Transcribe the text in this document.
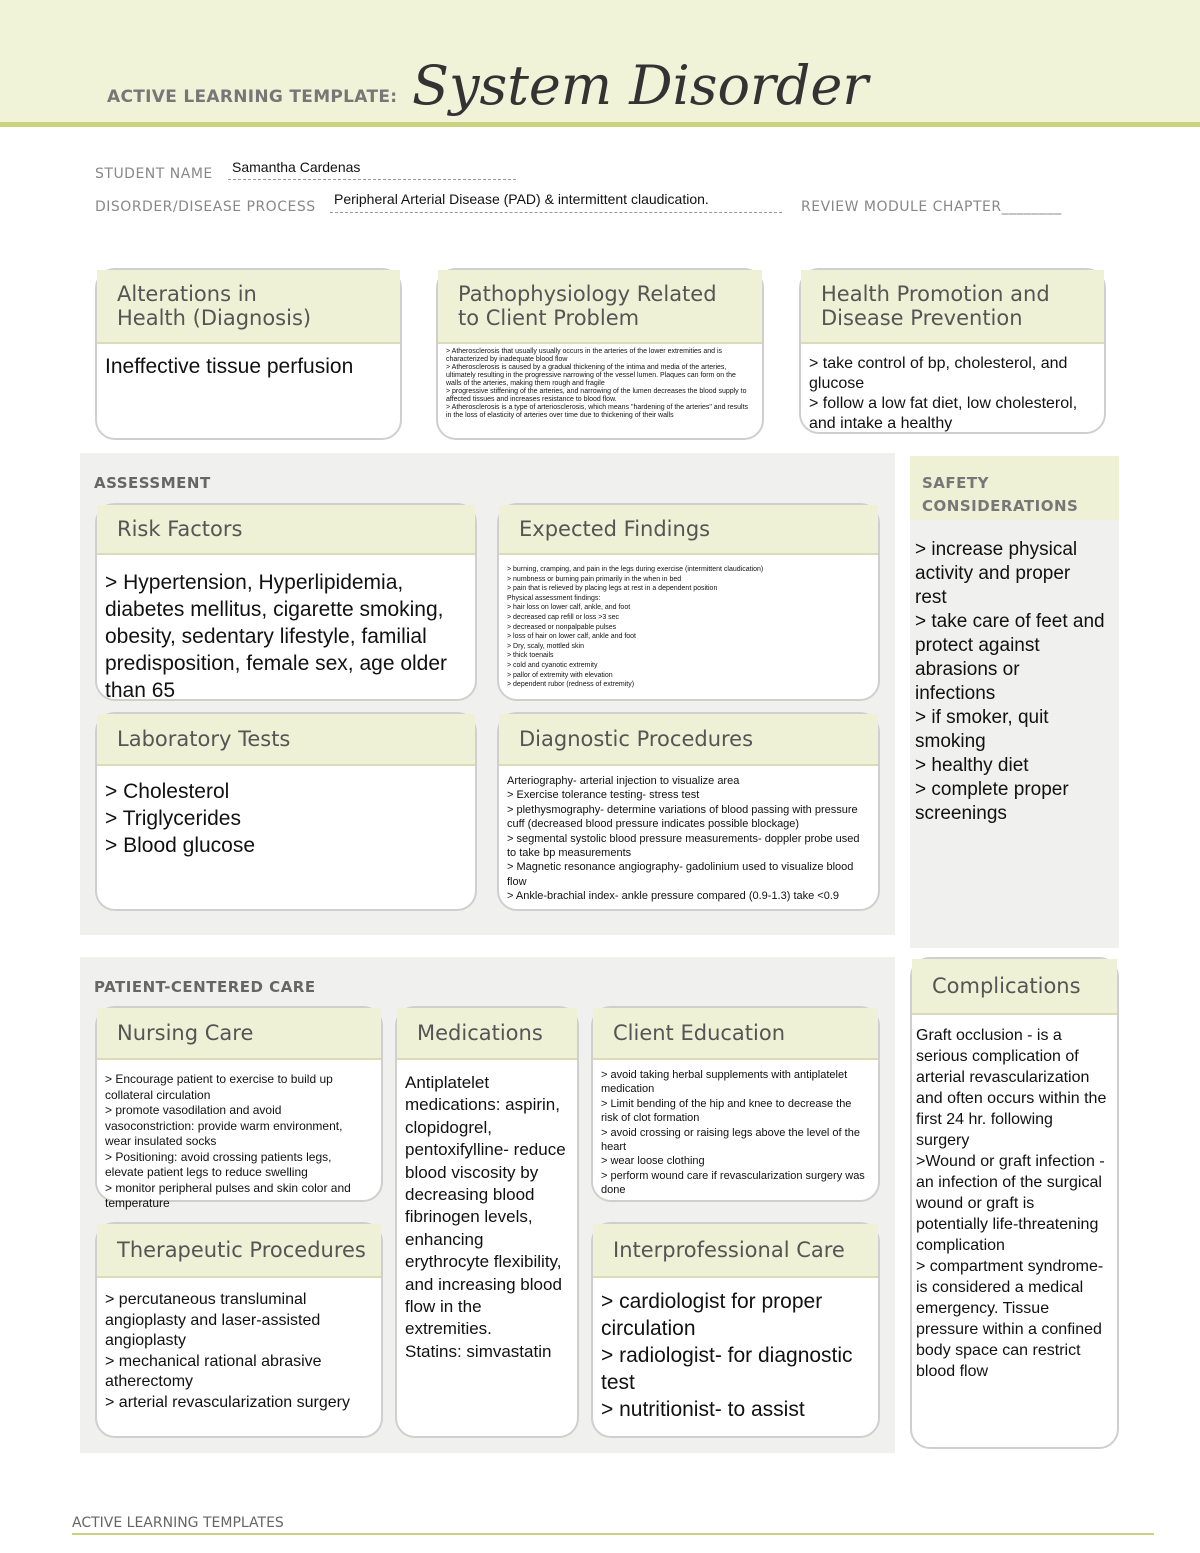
ACTIVE LEARNING TEMPLATE: System Disorder
STUDENT NAME Samantha Cardenas
DISORDER/DISEASE PROCESS Peripheral Arterial Disease (PAD) & intermittent claudication.	REVIEW MODULE CHAPTER________
Alterations in
Health (Diagnosis)

Ineffective tissue perfusion

Pathophysiology Related
to Client Problem

> Atherosclerosis that usually usually occurs in the arteries of the lower extremities and is characterized by inadequate blood flow
> Atherosclerosis is caused by a gradual thickening of the intima and media of the arteries, ultimately resulting in the progressive narrowing of the vessel lumen. Plaques can form on the walls of the arteries, making them rough and fragile
> progressive stiffening of the arteries, and narrowing of the lumen decreases the blood supply to affected tissues and increases resistance to blood flow.
> Atherosclerosis is a type of arteriosclerosis, which means "hardening of the arteries" and results in the loss of elasticity of arteries over time due to thickening of their walls

Health Promotion and
Disease Prevention

> take control of bp, cholesterol, and glucose
> follow a low fat diet, low cholesterol, and intake a healthy

ASSESSMENT
Risk Factors

> Hypertension, Hyperlipidemia, diabetes mellitus, cigarette smoking, obesity, sedentary lifestyle, familial predisposition, female sex, age older than 65

Expected Findings

> burning, cramping, and pain in the legs during exercise (intermittent claudication)
> numbness or burning pain primarily in the when in bed
> pain that is relieved by placing legs at rest in a dependent position
Physical assessment findings:
> hair loss on lower calf, ankle, and foot
> decreased cap refill or loss >3 sec
> decreased or nonpalpable pulses
> loss of hair on lower calf, ankle and foot
> Dry, scaly, mottled skin
> thick toenails
> cold and cyanotic extremity
> pallor of extremity with elevation
> dependent rubor (redness of extremity)

Laboratory Tests

> Cholesterol
> Triglycerides
> Blood glucose

Diagnostic Procedures

Arteriography- arterial injection to visualize area
> Exercise tolerance testing- stress test
> plethysmography- determine variations of blood passing with pressure cuff (decreased blood pressure indicates possible blockage)
> segmental systolic blood pressure measurements- doppler probe used to take bp measurements
> Magnetic resonance angiography- gadolinium used to visualize blood flow
> Ankle-brachial index- ankle pressure compared (0.9-1.3) take <0.9

SAFETY
CONSIDERATIONS
> increase physical activity and proper rest
> take care of feet and protect against abrasions or infections
> if smoker, quit smoking
> healthy diet
> complete proper screenings
PATIENT-CENTERED CARE
Nursing Care

> Encourage patient to exercise to build up collateral circulation
> promote vasodilation and avoid vasoconstriction: provide warm environment, wear insulated socks
> Positioning: avoid crossing patients legs, elevate patient legs to reduce swelling
> monitor peripheral pulses and skin color and temperature

Medications

Antiplatelet medications: aspirin, clopidogrel, pentoxifylline- reduce blood viscosity by decreasing blood fibrinogen levels, enhancing erythrocyte flexibility, and increasing blood flow in the extremities.
Statins: simvastatin

Client Education

> avoid taking herbal supplements with antiplatelet medication
> Limit bending of the hip and knee to decrease the risk of clot formation
> avoid crossing or raising legs above the level of the heart
> wear loose clothing
> perform wound care if revascularization surgery was done

Therapeutic Procedures

> percutaneous transluminal angioplasty and laser-assisted angioplasty
> mechanical rational abrasive atherectomy
> arterial revascularization surgery

Interprofessional Care

> cardiologist for proper circulation
> radiologist- for diagnostic test
> nutritionist- to assist

Complications

Graft occlusion - is a serious complication of arterial revascularization and often occurs within the first 24 hr. following surgery
>Wound or graft infection - an infection of the surgical wound or graft is potentially life-threatening complication
> compartment syndrome- is considered a medical emergency. Tissue pressure within a confined body space can restrict blood flow

ACTIVE LEARNING TEMPLATES
